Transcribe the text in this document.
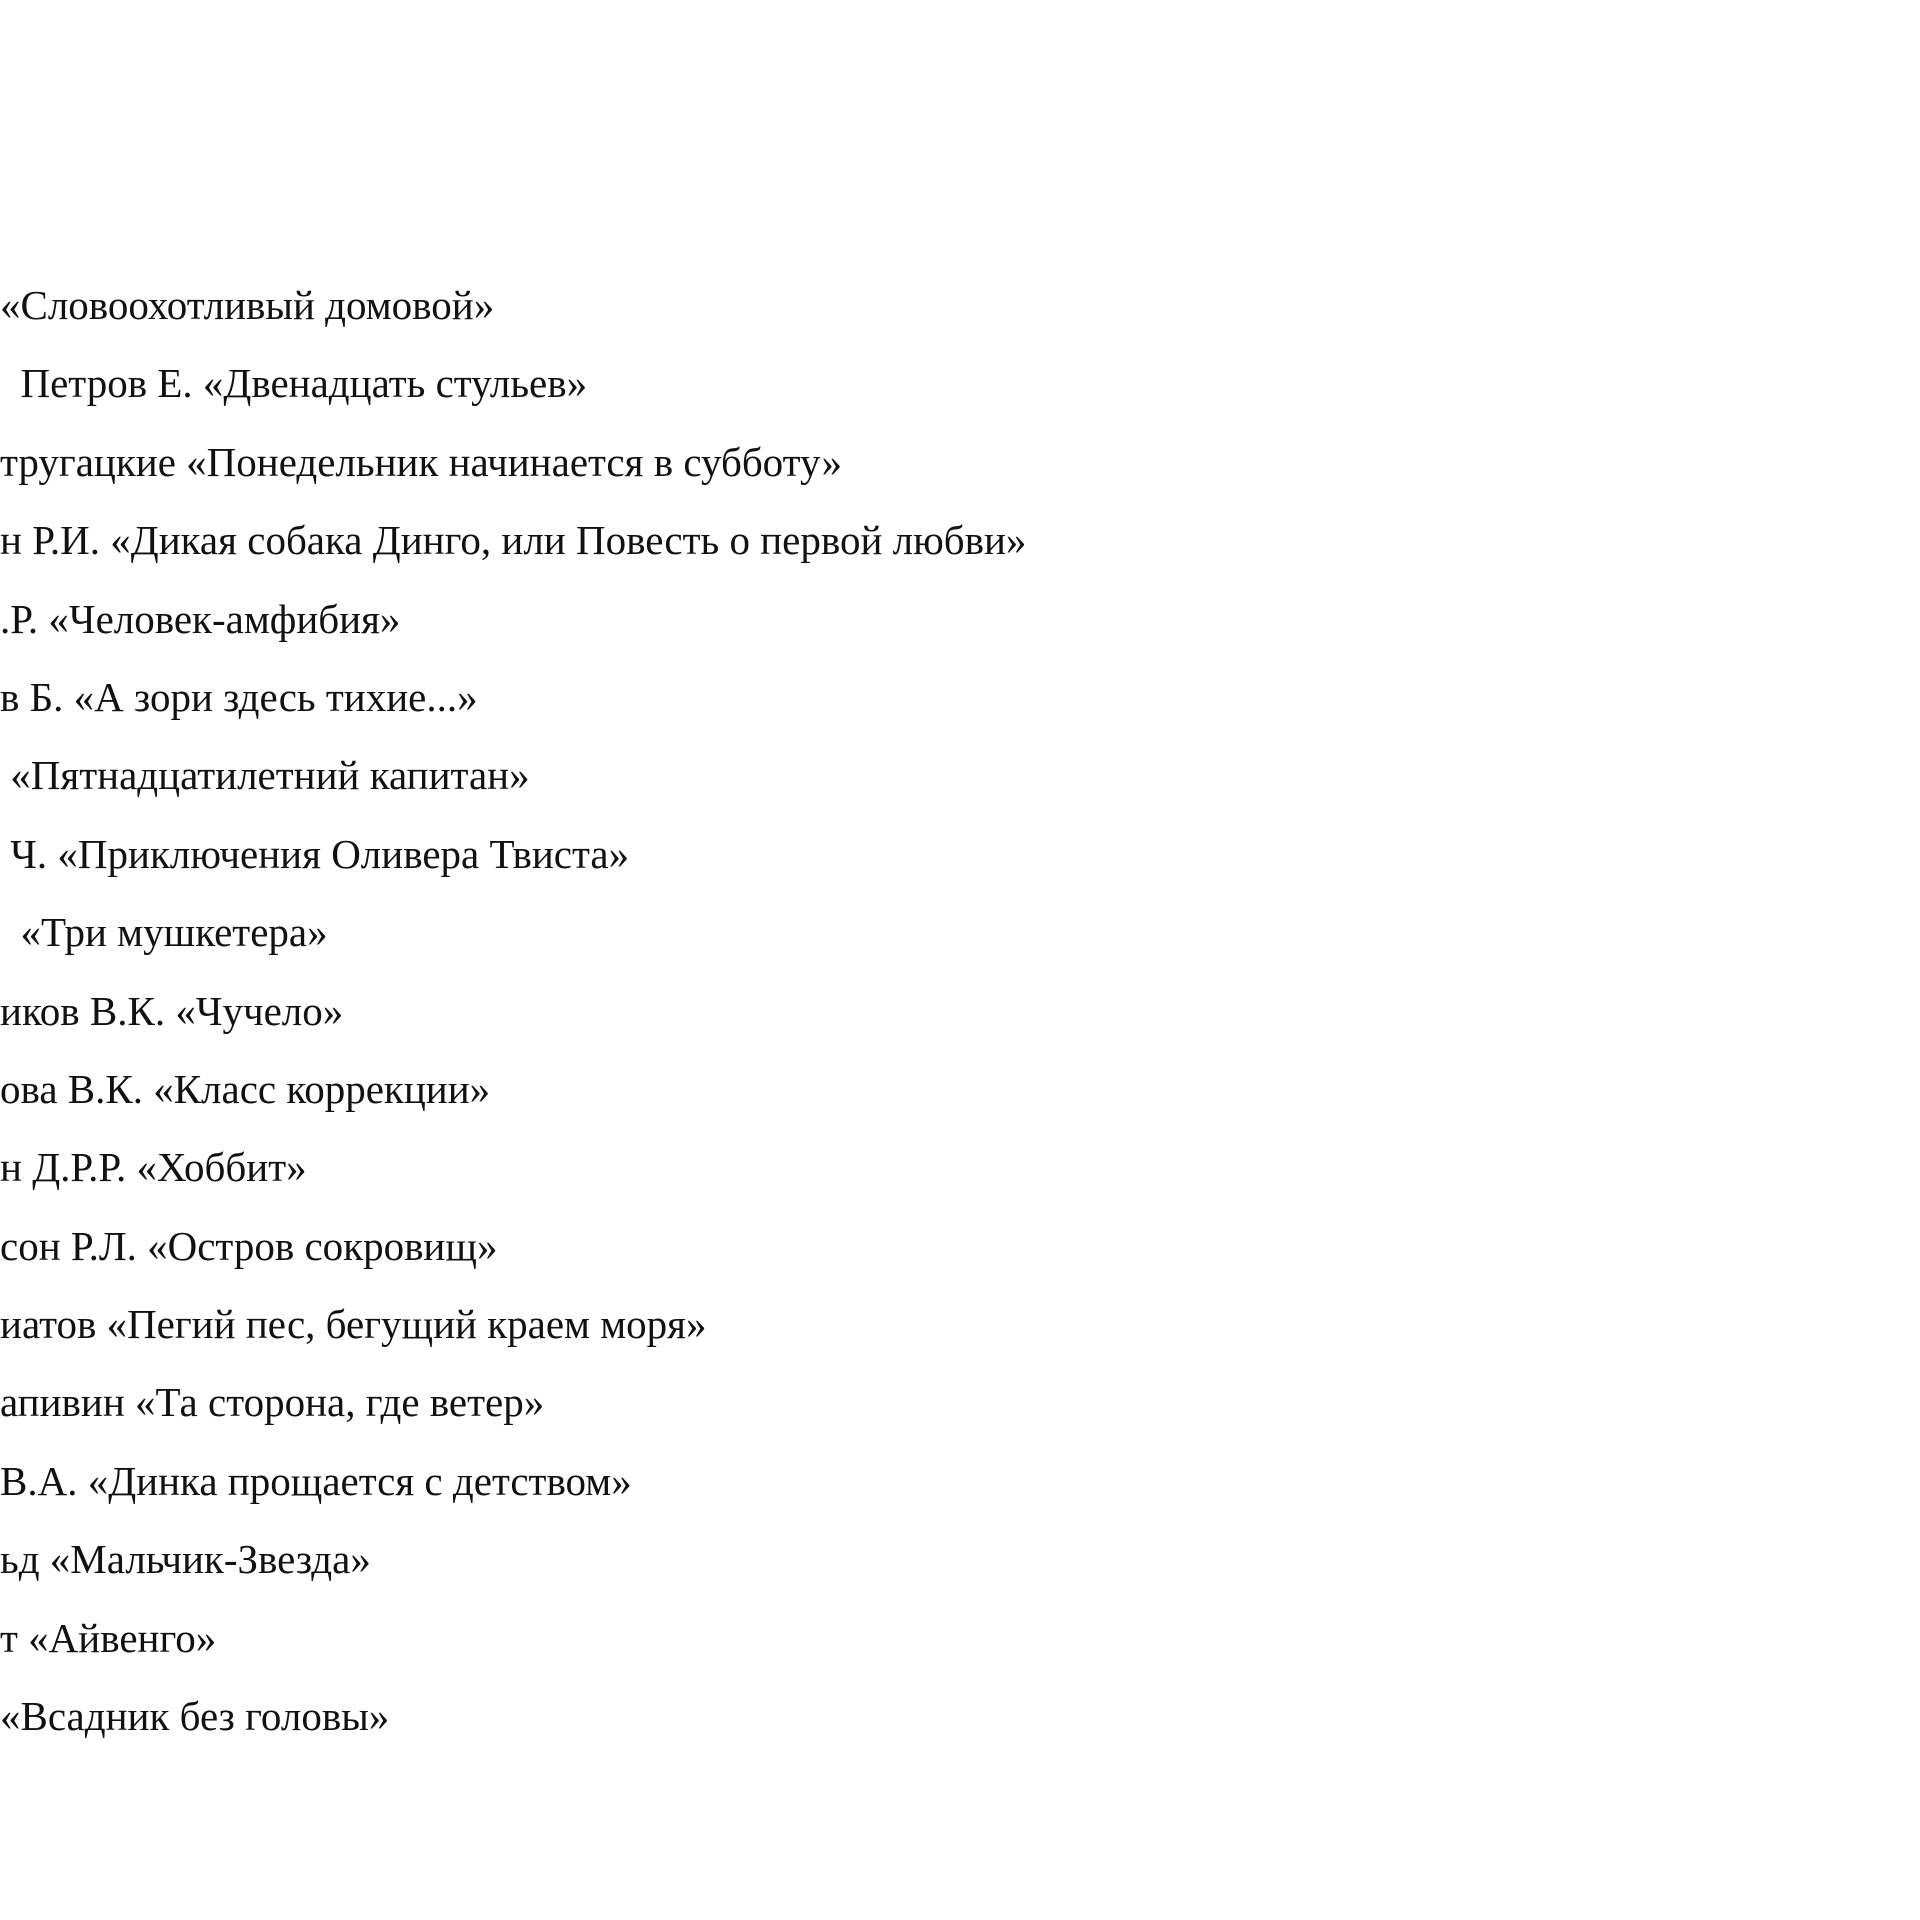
«Словоохотливый домовой»
Петров Е. «Двенадцать стульев»
тругацкие «Понедельник начинается в субботу»
н Р.И. «Дикая собака Динго, или Повесть о первой любви»
.Р. «Человек-амфибия»
в Б. «А зори здесь тихие...»
«Пятнадцатилетний капитан»
Ч. «Приключения Оливера Твиста»
«Три мушкетера»
иков В.К. «Чучело»
ова В.К. «Класс коррекции»
н Д.Р.Р. «Хоббит»
сон Р.Л. «Остров сокровищ»
иатов «Пегий пес, бегущий краем моря»
апивин «Та сторона, где ветер»
В.А. «Динка прощается с детством»
ьд «Мальчик-Звезда»
т «Айвенго»
«Всадник без головы»
